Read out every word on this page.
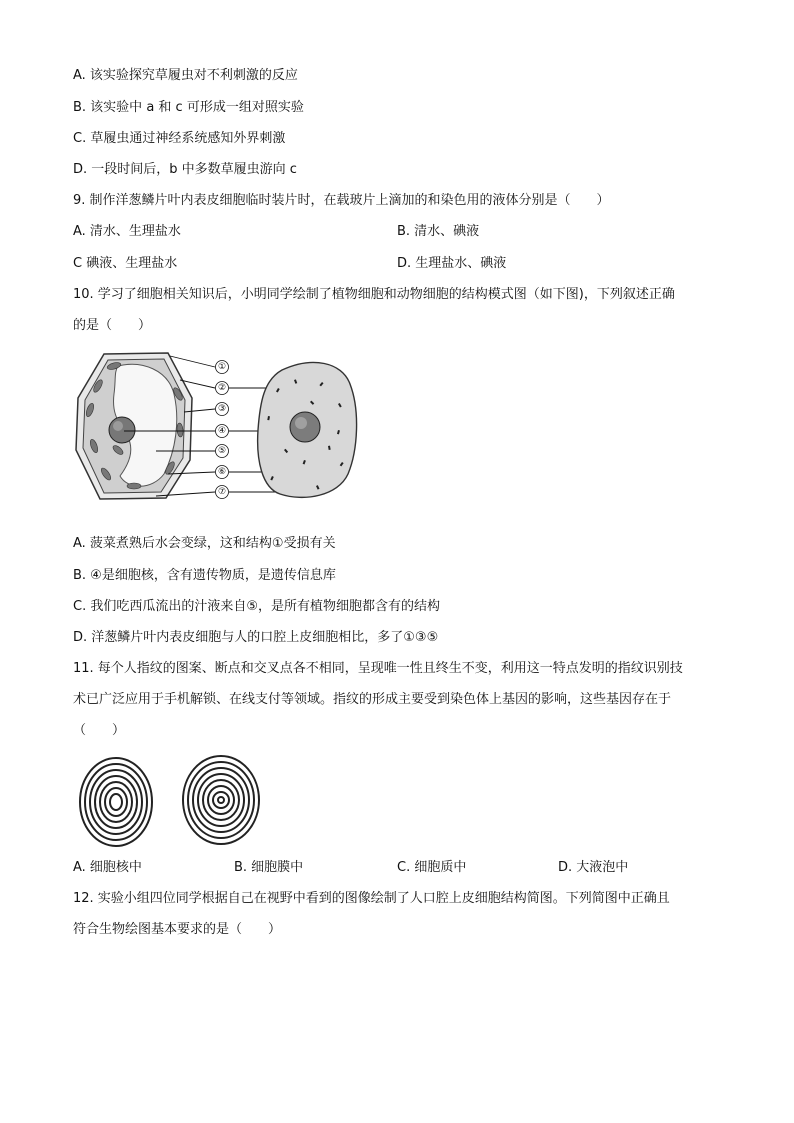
A. 该实验探究草履虫对不利刺激的反应
B. 该实验中 a 和 c 可形成一组对照实验
C. 草履虫通过神经系统感知外界刺激
D. 一段时间后，b 中多数草履虫游向 c
9. 制作洋葱鳞片叶内表皮细胞临时装片时，在载玻片上滴加的和染色用的液体分别是（　　）
A. 清水、生理盐水	B. 清水、碘液
C 碘液、生理盐水	D. 生理盐水、碘液
10. 学习了细胞相关知识后，小明同学绘制了植物细胞和动物细胞的结构模式图（如下图)，下列叙述正确
的是（　　）
①
②
③
④
⑤
⑥
⑦
A. 菠菜煮熟后水会变绿，这和结构①受损有关
B. ④是细胞核，含有遗传物质，是遗传信息库
C. 我们吃西瓜流出的汁液来自⑤，是所有植物细胞都含有的结构
D. 洋葱鳞片叶内表皮细胞与人的口腔上皮细胞相比，多了①③⑤
11. 每个人指纹的图案、断点和交叉点各不相同，呈现唯一性且终生不变，利用这一特点发明的指纹识别技
术已广泛应用于手机解锁、在线支付等领域。指纹的形成主要受到染色体上基因的影响，这些基因存在于
（　　）
A. 细胞核中	B. 细胞膜中	C. 细胞质中	D. 大液泡中
12. 实验小组四位同学根据自己在视野中看到的图像绘制了人口腔上皮细胞结构简图。下列简图中正确且
符合生物绘图基本要求的是（　　）
